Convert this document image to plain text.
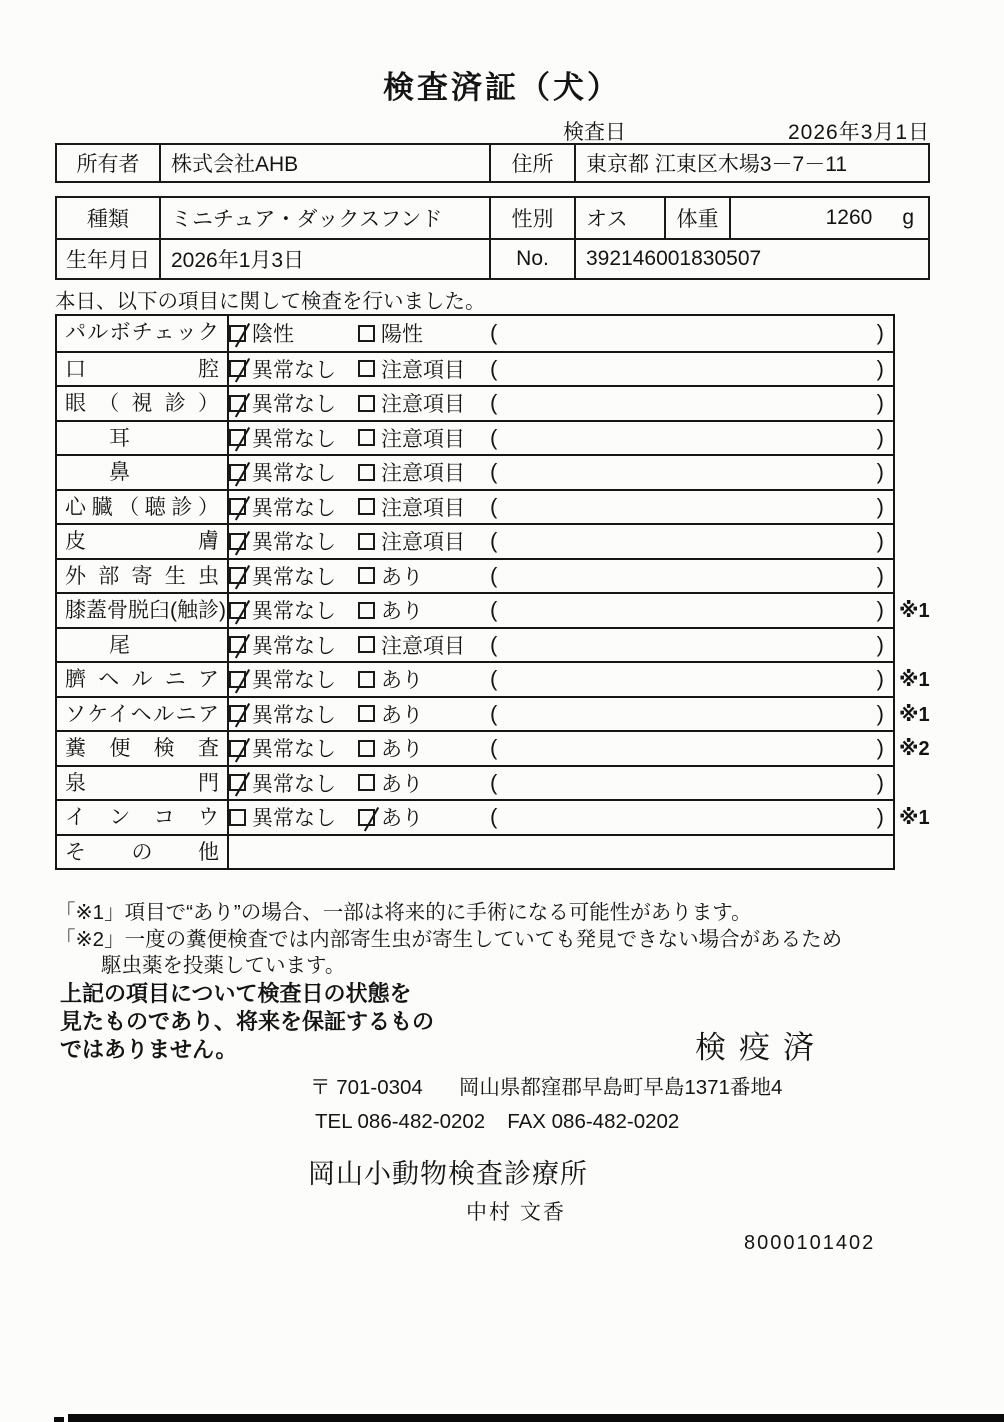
検査済証（犬）
検査日	2026年3月1日
所有者	株式会社AHB	住所	東京都 江東区木場3－7－11
種類	ミニチュア・ダックスフンド	性別	オス	体重	1260 g
生年月日	2026年1月3日	No.	392146001830507
本日、以下の項目に関して検査を行いました。
パルボチェック	陰性	陽性	(	)
口腔	異常なし 注意項目 (	)
眼（視診）	異常なし 注意項目 (	)
耳	異常なし 注意項目 (	)
鼻	異常なし 注意項目 (	)
心臓（聴診）	異常なし 注意項目 (	)
皮膚	異常なし 注意項目 (	)
外部寄生虫	異常なし あり	(	)
膝蓋骨脱臼(触診) 異常なし あり	(	) ※1
尾	異常なし 注意項目 (	)
臍ヘルニア	異常なし あり	(	) ※1
ソケイヘルニア	異常なし あり	(	) ※1
糞便検査	異常なし あり	(	) ※2
泉門	異常なし あり	(	)
インコウ	異常なし あり	(	) ※1
その他
「※1」項目で“あり”の場合、一部は将来的に手術になる可能性があります。
「※2」一度の糞便検査では内部寄生虫が寄生していても発見できない場合があるため
駆虫薬を投薬しています。
上記の項目について検査日の状態を
見たものであり、将来を保証するもの
ではありません。	検疫済
〒 701-0304 岡山県都窪郡早島町早島1371番地4
TEL 086-482-0202 FAX 086-482-0202
岡山小動物検査診療所
中村 文香
8000101402
